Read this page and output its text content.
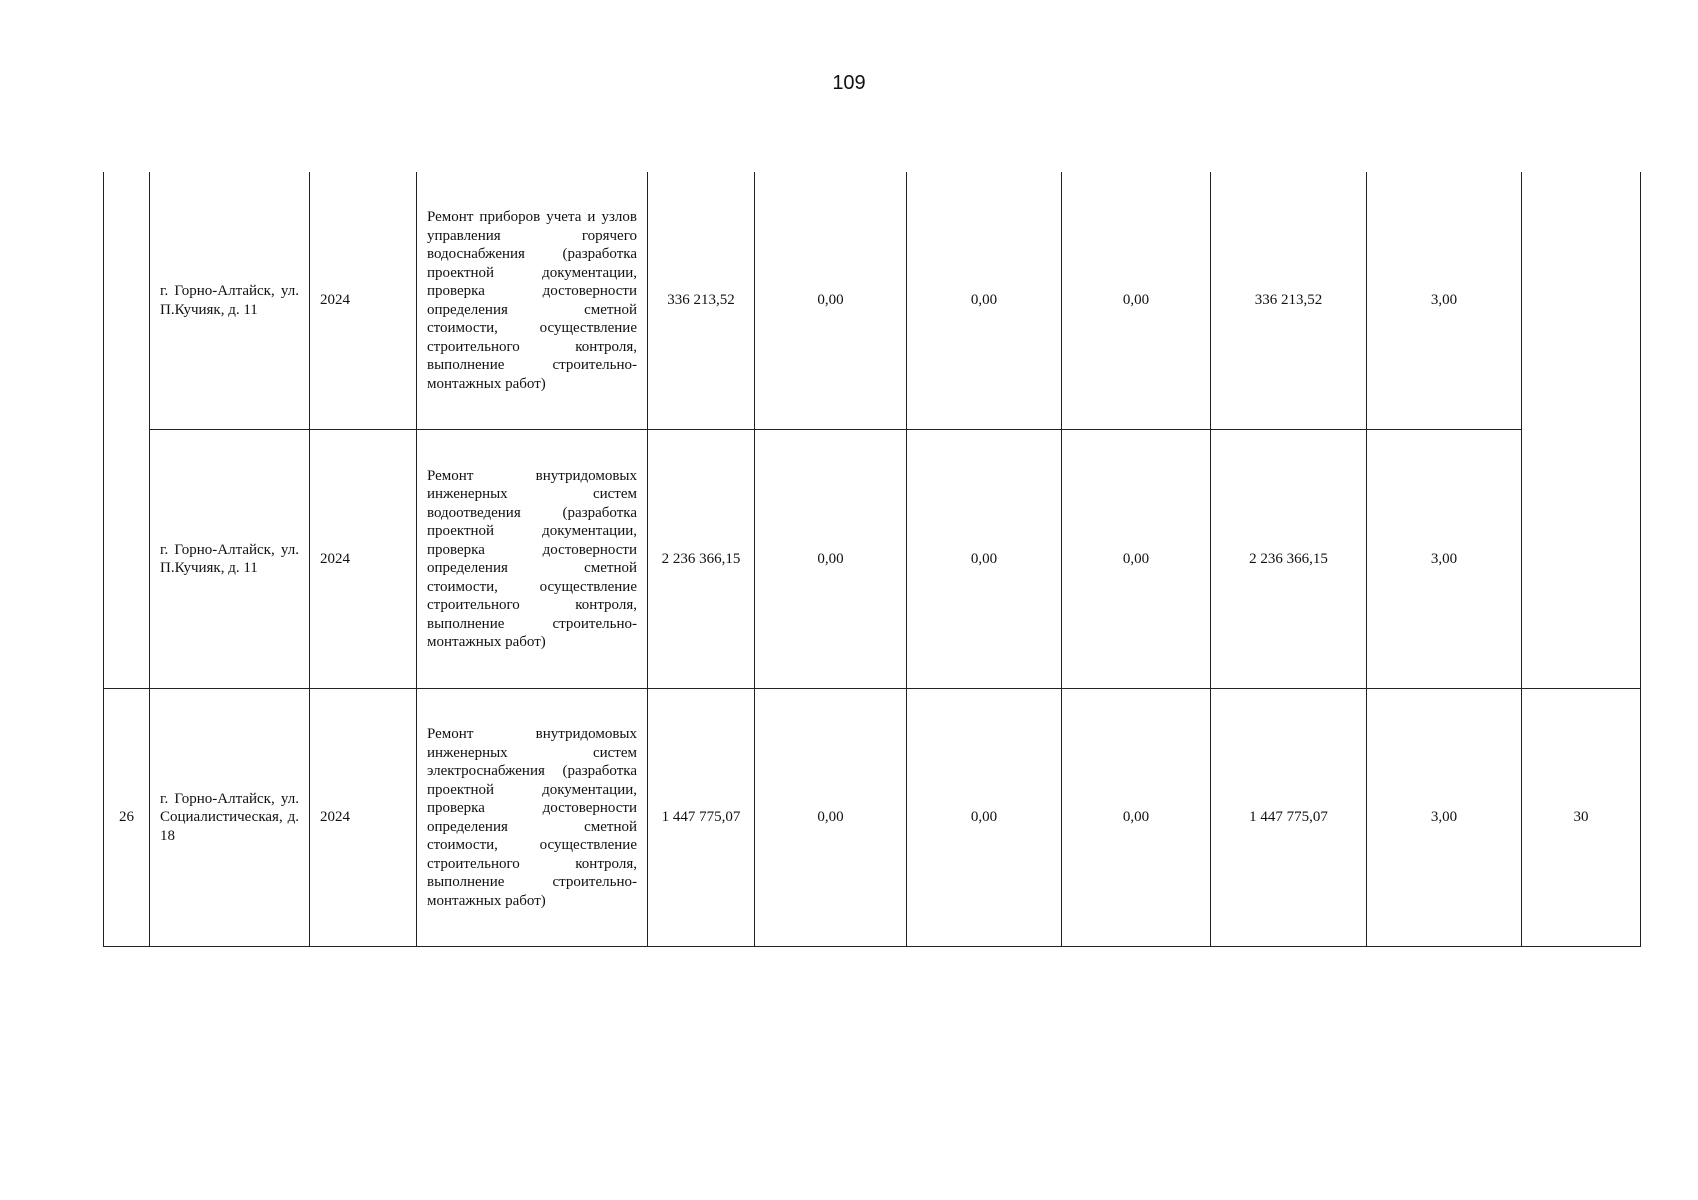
109
	г. Горно-Алтайск, ул. П.Кучияк, д. 11	2024	Ремонт приборов учета и узлов управления горячего водоснабжения (разработка проектной документации, проверка достоверности определения сметной стоимости, осуществление строительного контроля, выполнение строительно-монтажных работ)	336 213,52	0,00	0,00	0,00	336 213,52	3,00	
	г. Горно-Алтайск, ул. П.Кучияк, д. 11	2024	Ремонт внутридомовых инженерных систем водоотведения (разработка проектной документации, проверка достоверности определения сметной стоимости, осуществление строительного контроля, выполнение строительно-монтажных работ)	2 236 366,15	0,00	0,00	0,00	2 236 366,15	3,00	
26	г. Горно-Алтайск, ул. Социалистическая, д. 18	2024	Ремонт внутридомовых инженерных систем электроснабжения (разработка проектной документации, проверка достоверности определения сметной стоимости, осуществление строительного контроля, выполнение строительно-монтажных работ)	1 447 775,07	0,00	0,00	0,00	1 447 775,07	3,00	30
